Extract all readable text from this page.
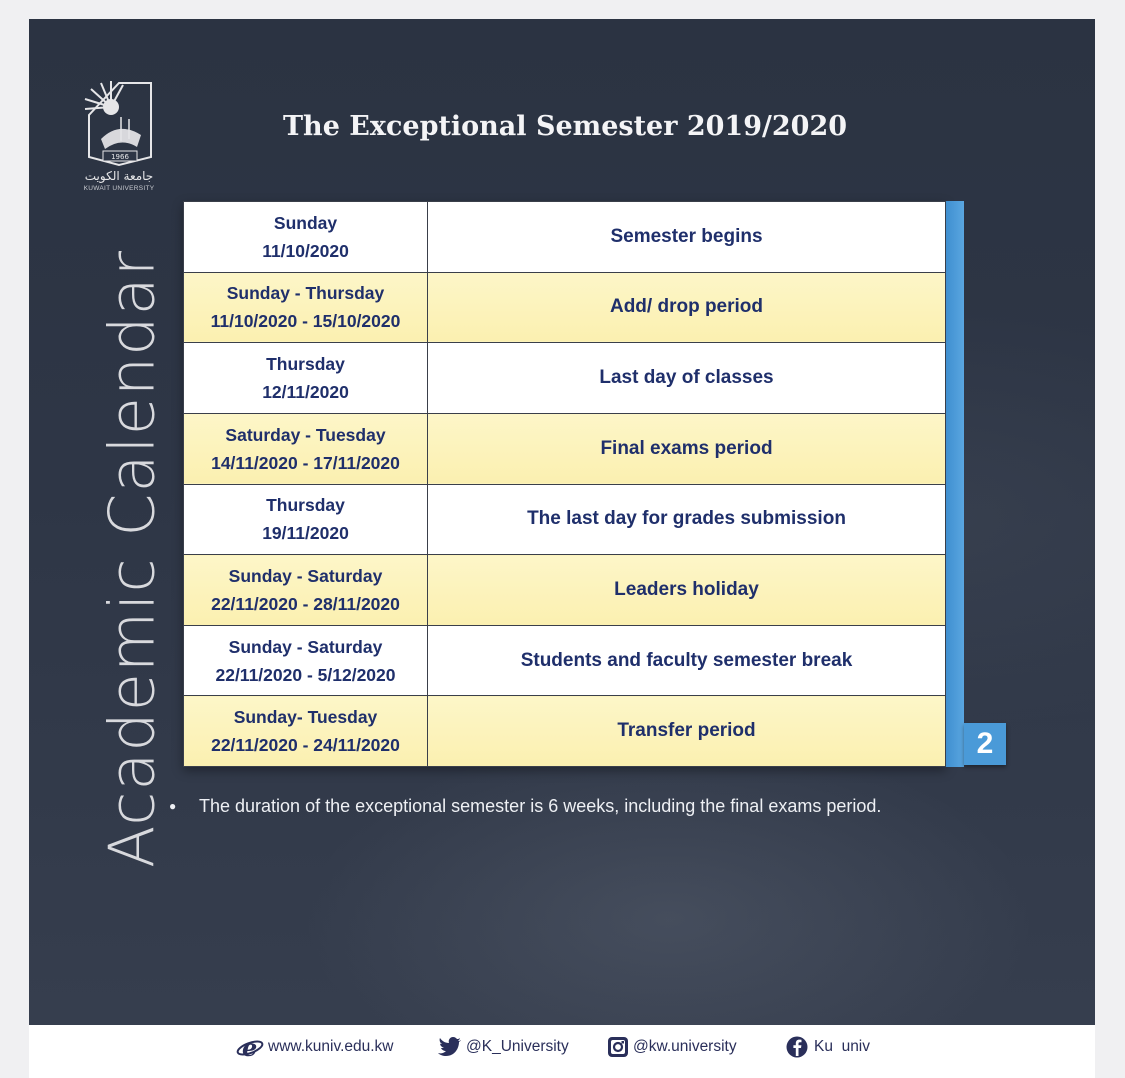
1966
جامعة الكويت
KUWAIT UNIVERSITY
Academic Calendar
The Exceptional Semester 2019/2020
Sunday
11/10/2020	Semester begins

Sunday - Thursday
11/10/2020 - 15/10/2020	Add/ drop period

Thursday
12/11/2020	Last day of classes

Saturday - Tuesday
14/11/2020 - 17/11/2020	Final exams period

Thursday
19/11/2020	The last day for grades submission

Sunday - Saturday
22/11/2020 - 28/11/2020	Leaders holiday

Sunday - Saturday
22/11/2020 - 5/12/2020	Students and faculty semester break

Sunday- Tuesday
22/11/2020 - 24/11/2020	Transfer period	2
● The duration of the exceptional semester is 6 weeks, including the final exams period.
e www.kuniv.edu.kw	@K_University	@kw.university	Ku  univ
